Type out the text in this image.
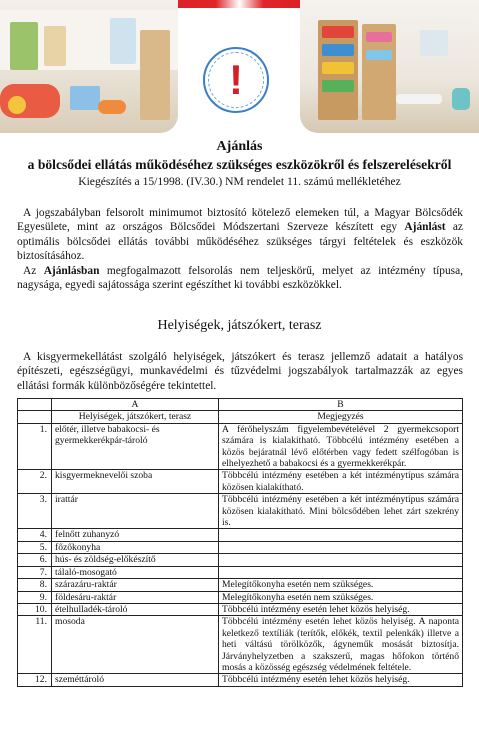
!
Ajánlás
a bölcsődei ellátás működéséhez szükséges eszközökről és felszerelésekről
Kiegészítés a 15/1998. (IV.30.) NM rendelet 11. számú mellékletéhez

A jogszabályban felsorolt minimumot biztosító kötelező elemeken túl, a Magyar Bölcsődék Egyesülete, mint az országos Bölcsődei Módszertani Szerveze készített egy Ajánlást az optimális bölcsődei ellátás további működéséhez szükséges tárgyi feltételek és eszközök biztosításához.

Az Ajánlásban megfogalmazott felsorolás nem teljeskörű, melyet az intézmény típusa, nagysága, egyedi sajátossága szerint egészíthet ki további eszközökkel.

Helyiségek, játszókert, terasz

A kisgyermekellátást szolgáló helyiségek, játszókert és terasz jellemző adatait a hatályos építészeti, egészségügyi, munkavédelmi és tűzvédelmi jogszabályok tartalmazzák az egyes ellátási formák különbözőségére tekintettel.

	A	B
	Helyiségek, játszókert, terasz	Megjegyzés
1.	előtér, illetve babakocsi- és gyermekkerékpár-tároló	A férőhelyszám figyelembevételével 2 gyermekcsoport számára is kialakítható. Többcélú intézmény esetében a közös bejáratnál lévő előtérben vagy fedett szélfogóban is elhelyezhető a babakocsi és a gyermekkerékpár.
2.	kisgyermeknevelői szoba	Többcélú intézmény esetében a két intézménytípus számára közösen kialakítható.
3.	irattár	Többcélú intézmény esetében a két intézménytípus számára közösen kialakítható. Mini bölcsődében lehet zárt szekrény is.
4.	felnőtt zuhanyzó	
5.	főzőkonyha	
6.	hús- és zöldség-előkészítő	
7.	tálaló-mosogató	
8.	szárazáru-raktár	Melegítőkonyha esetén nem szükséges.
9.	földesáru-raktár	Melegítőkonyha esetén nem szükséges.
10.	ételhulladék-tároló	Többcélú intézmény esetén lehet közös helyiség.
11.	mosoda	Többcélú intézmény esetén lehet közös helyiség. A naponta keletkező textíliák (terítők, előkék, textil pelenkák) illetve a heti váltású törölközők, ágyneműk mosását biztosítja. Járványhelyzetben a szakszerű, magas hőfokon történő mosás a közösség egészség védelmének feltétele.
12.	szeméttároló	Többcélú intézmény esetén lehet közös helyiség.
